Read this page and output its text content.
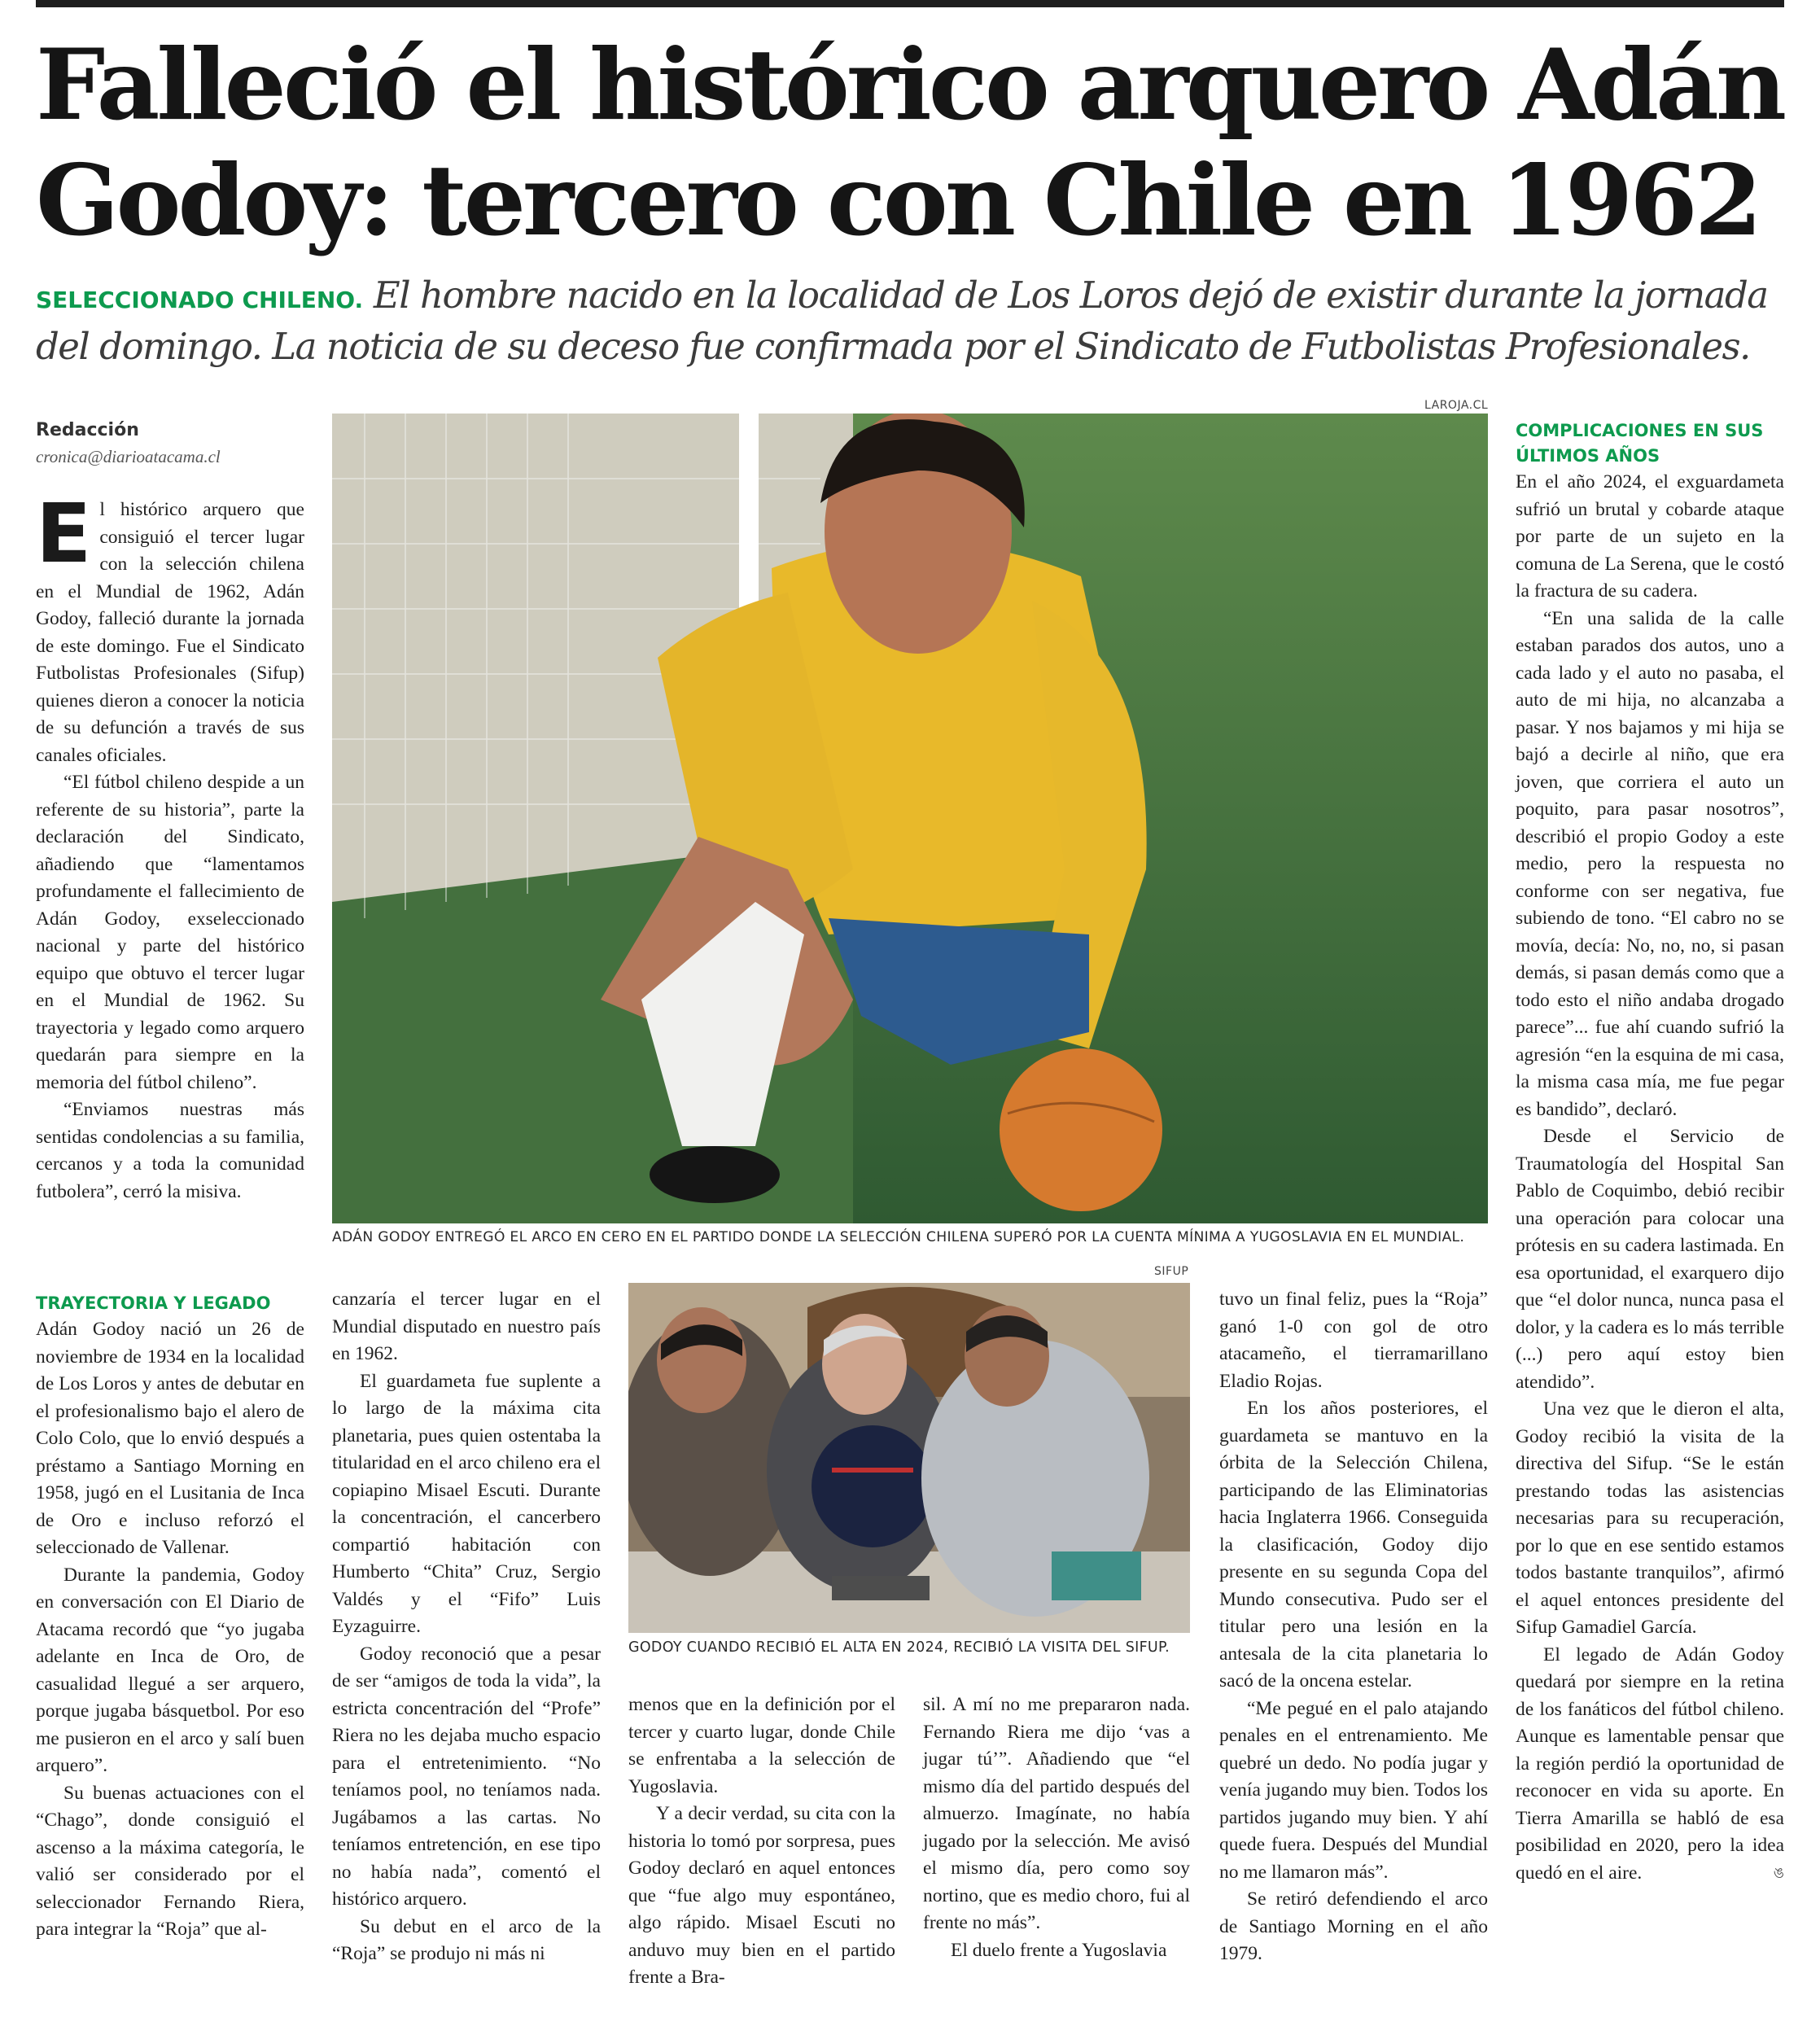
Falleció el histórico arquero Adán Godoy: tercero con Chile en 1962

SELECCIONADO CHILENO. El hombre nacido en la localidad de Los Loros dejó de existir durante la jornada del domingo. La noticia de su deceso fue confirmada por el Sindicato de Futbolistas Profesionales.

Redacción
cronica@diarioatacama.cl

El histórico arquero que consiguió el tercer lugar con la selección chilena en el Mundial de 1962, Adán Godoy, falleció durante la jornada de este domingo. Fue el Sindicato Futbolistas Profesionales (Sifup) quienes dieron a conocer la noticia de su defunción a través de sus canales oficiales.

“El fútbol chileno despide a un referente de su historia”, parte la declaración del Sindicato, añadiendo que “lamentamos profundamente el fallecimiento de Adán Godoy, exseleccionado nacional y parte del histórico equipo que obtuvo el tercer lugar en el Mundial de 1962. Su trayectoria y legado como arquero quedarán para siempre en la memoria del fútbol chileno”.

“Enviamos nuestras más sentidas condolencias a su familia, cercanos y a toda la comunidad futbolera”, cerró la misiva.

LAROJA.CL
ADÁN GODOY ENTREGÓ EL ARCO EN CERO EN EL PARTIDO DONDE LA SELECCIÓN CHILENA SUPERÓ POR LA CUENTA MÍNIMA A YUGOSLAVIA EN EL MUNDIAL.
TRAYECTORIA Y LEGADO

Adán Godoy nació un 26 de noviembre de 1934 en la localidad de Los Loros y antes de debutar en el profesionalismo bajo el alero de Colo Colo, que lo envió después a préstamo a Santiago Morning en 1958, jugó en el Lusitania de Inca de Oro e incluso reforzó el seleccionado de Vallenar.

Durante la pandemia, Godoy en conversación con El Diario de Atacama recordó que “yo jugaba adelante en Inca de Oro, de casualidad llegué a ser arquero, porque jugaba básquetbol. Por eso me pusieron en el arco y salí buen arquero”.

Su buenas actuaciones con el “Chago”, donde consiguió el ascenso a la máxima categoría, le valió ser considerado por el seleccionador Fernando Riera, para integrar la “Roja” que al-

canzaría el tercer lugar en el Mundial disputado en nuestro país en 1962.

El guardameta fue suplente a lo largo de la máxima cita planetaria, pues quien ostentaba la titularidad en el arco chileno era el copiapino Misael Escuti. Durante la concentración, el cancerbero compartió habitación con Humberto “Chita” Cruz, Sergio Valdés y el “Fifo” Luis Eyzaguirre.

Godoy reconoció que a pesar de ser “amigos de toda la vida”, la estricta concentración del “Profe” Riera no les dejaba mucho espacio para el entretenimiento. “No teníamos pool, no teníamos nada. Jugábamos a las cartas. No teníamos entretención, en ese tipo no había nada”, comentó el histórico arquero.

Su debut en el arco de la “Roja” se produjo ni más ni

SIFUP
GODOY CUANDO RECIBIÓ EL ALTA EN 2024, RECIBIÓ LA VISITA DEL SIFUP.

menos que en la definición por el tercer y cuarto lugar, donde Chile se enfrentaba a la selección de Yugoslavia.

Y a decir verdad, su cita con la historia lo tomó por sorpresa, pues Godoy declaró en aquel entonces que “fue algo muy espontáneo, algo rápido. Misael Escuti no anduvo muy bien en el partido frente a Bra-

sil. A mí no me prepararon nada. Fernando Riera me dijo ‘vas a jugar tú’”. Añadiendo que “el mismo día del partido después del almuerzo. Imagínate, no había jugado por la selección. Me avisó el mismo día, pero como soy nortino, que es medio choro, fui al frente no más”.

El duelo frente a Yugoslavia

tuvo un final feliz, pues la “Roja” ganó 1-0 con gol de otro atacameño, el tierramarillano Eladio Rojas.

En los años posteriores, el guardameta se mantuvo en la órbita de la Selección Chilena, participando de las Eliminatorias hacia Inglaterra 1966. Conseguida la clasificación, Godoy dijo presente en su segunda Copa del Mundo consecutiva. Pudo ser el titular pero una lesión en la antesala de la cita planetaria lo sacó de la oncena estelar.

“Me pegué en el palo atajando penales en el entrenamiento. Me quebré un dedo. No podía jugar y venía jugando muy bien. Todos los partidos jugando muy bien. Y ahí quede fuera. Después del Mundial no me llamaron más”.

Se retiró defendiendo el arco de Santiago Morning en el año 1979.

COMPLICACIONES EN SUS ÚLTIMOS AÑOS

En el año 2024, el exguardameta sufrió un brutal y cobarde ataque por parte de un sujeto en la comuna de La Serena, que le costó la fractura de su cadera.

“En una salida de la calle estaban parados dos autos, uno a cada lado y el auto no pasaba, el auto de mi hija, no alcanzaba a pasar. Y nos bajamos y mi hija se bajó a decirle al niño, que era joven, que corriera el auto un poquito, para pasar nosotros”, describió el propio Godoy a este medio, pero la respuesta no conforme con ser negativa, fue subiendo de tono. “El cabro no se movía, decía: No, no, no, si pasan demás, si pasan demás como que a todo esto el niño andaba drogado parece”... fue ahí cuando sufrió la agresión “en la esquina de mi casa, la misma casa mía, me fue pegar es bandido”, declaró.

Desde el Servicio de Traumatología del Hospital San Pablo de Coquimbo, debió recibir una operación para colocar una prótesis en su cadera lastimada. En esa oportunidad, el exarquero dijo que “el dolor nunca, nunca pasa el dolor, y la cadera es lo más terrible (...) pero aquí estoy bien atendido”.

Una vez que le dieron el alta, Godoy recibió la visita de la directiva del Sifup. “Se le están prestando todas las asistencias necesarias para su recuperación, por lo que en ese sentido estamos todos bastante tranquilos”, afirmó el aquel entonces presidente del Sifup Gamadiel García.

El legado de Adán Godoy quedará por siempre en la retina de los fanáticos del fútbol chileno. Aunque es lamentable pensar que la región perdió la oportunidad de reconocer en vida su aporte. En Tierra Amarilla se habló de esa posibilidad en 2020, pero la idea quedó en el aire.	ঙ
